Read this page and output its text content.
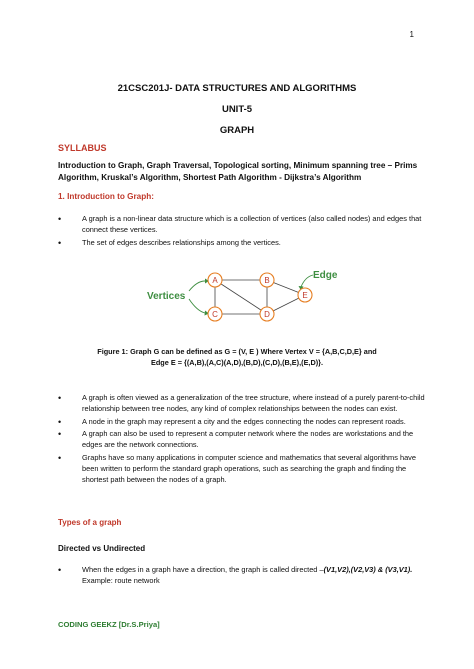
1
21CSC201J- DATA STRUCTURES AND ALGORITHMS
UNIT-5
GRAPH
SYLLABUS
Introduction to Graph, Graph Traversal, Topological sorting, Minimum spanning tree – Prims Algorithm, Kruskal’s Algorithm, Shortest Path Algorithm - Dijkstra’s Algorithm
1. Introduction to Graph:
•	A graph is a non-linear data structure which is a collection of vertices (also called nodes) and edges that connect these vertices.
•	The set of edges describes relationships among the vertices.
A	B
C	D
E
Vertices
Edge
Figure 1: Graph G can be defined as G = (V, E ) Where Vertex V = {A,B,C,D,E} and
Edge E = {(A,B),(A,C)(A,D),(B,D),(C,D),(B,E),(E,D)}.
•	A graph is often viewed as a generalization of the tree structure, where instead of a purely parent-to-child relationship between tree nodes, any kind of complex relationships between the nodes can exist.
•	A node in the graph may represent a city and the edges connecting the nodes can represent roads.
•	A graph can also be used to represent a computer network where the nodes are workstations and the edges are the network connections.
•	Graphs have so many applications in computer science and mathematics that several algorithms have been written to perform the standard graph operations, such as searching the graph and finding the shortest path between the nodes of a graph.
Types of a graph
Directed vs Undirected
•	When the edges in a graph have a direction, the graph is called directed –(V1,V2),(V2,V3) & (V3,V1). Example: route network
CODING GEEKZ [Dr.S.Priya]
